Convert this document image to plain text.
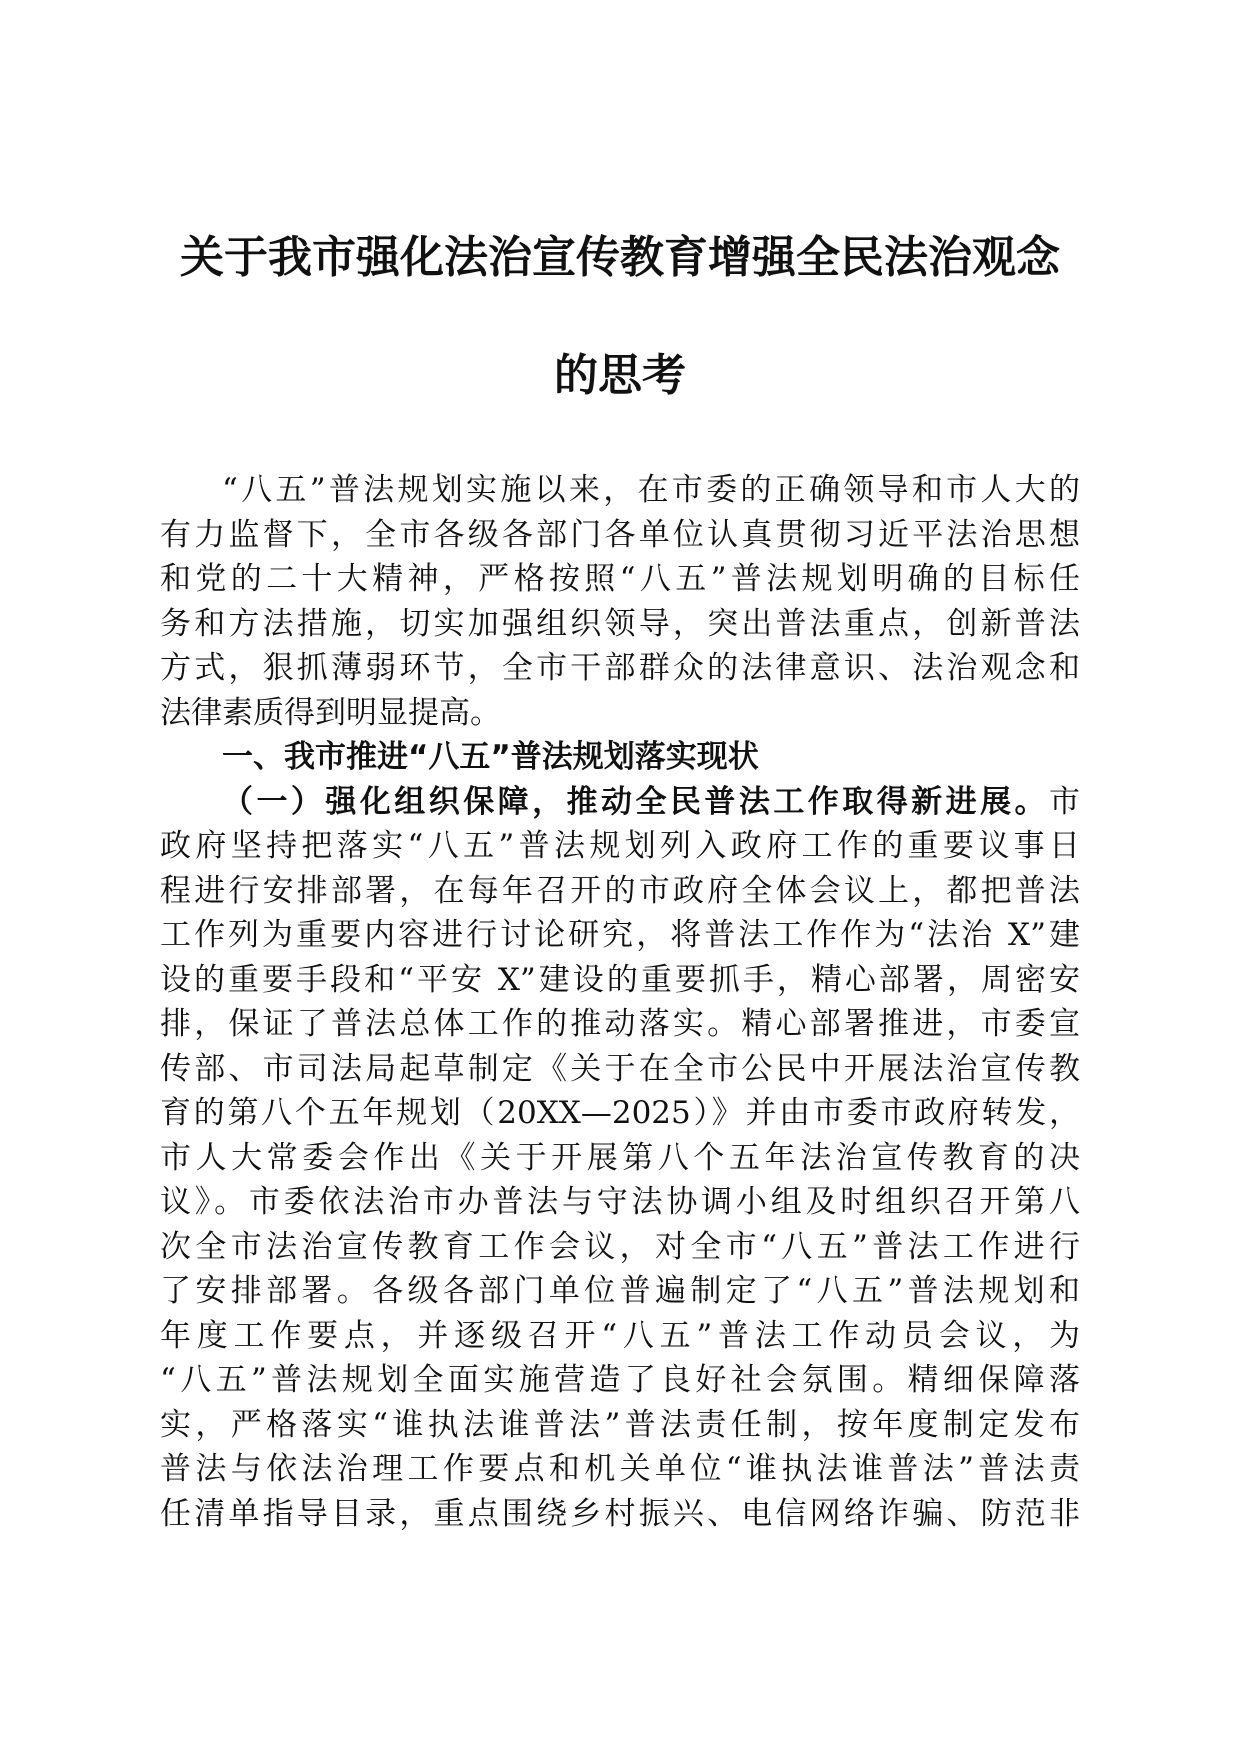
关于我市强化法治宣传教育增强全民法治观念
的思考
“八五”普法规划实施以来，在市委的正确领导和市人大的
有力监督下，全市各级各部门各单位认真贯彻习近平法治思想
和党的二十大精神，严格按照“八五”普法规划明确的目标任
务和方法措施，切实加强组织领导，突出普法重点，创新普法
方式，狠抓薄弱环节，全市干部群众的法律意识、法治观念和
法律素质得到明显提高。
一、我市推进“八五”普法规划落实现状
（一）强化组织保障，推动全民普法工作取得新进展。市
政府坚持把落实“八五”普法规划列入政府工作的重要议事日
程进行安排部署，在每年召开的市政府全体会议上，都把普法
工作列为重要内容进行讨论研究，将普法工作作为“法治 X”建
设的重要手段和“平安 X”建设的重要抓手，精心部署，周密安
排，保证了普法总体工作的推动落实。精心部署推进，市委宣
传部、市司法局起草制定《关于在全市公民中开展法治宣传教
育的第八个五年规划（20XX—2025）》并由市委市政府转发，
市人大常委会作出《关于开展第八个五年法治宣传教育的决
议》。市委依法治市办普法与守法协调小组及时组织召开第八
次全市法治宣传教育工作会议，对全市“八五”普法工作进行
了安排部署。各级各部门单位普遍制定了“八五”普法规划和
年度工作要点，并逐级召开“八五”普法工作动员会议，为
“八五”普法规划全面实施营造了良好社会氛围。精细保障落
实，严格落实“谁执法谁普法”普法责任制，按年度制定发布
普法与依法治理工作要点和机关单位“谁执法谁普法”普法责
任清单指导目录，重点围绕乡村振兴、电信网络诈骗、防范非
